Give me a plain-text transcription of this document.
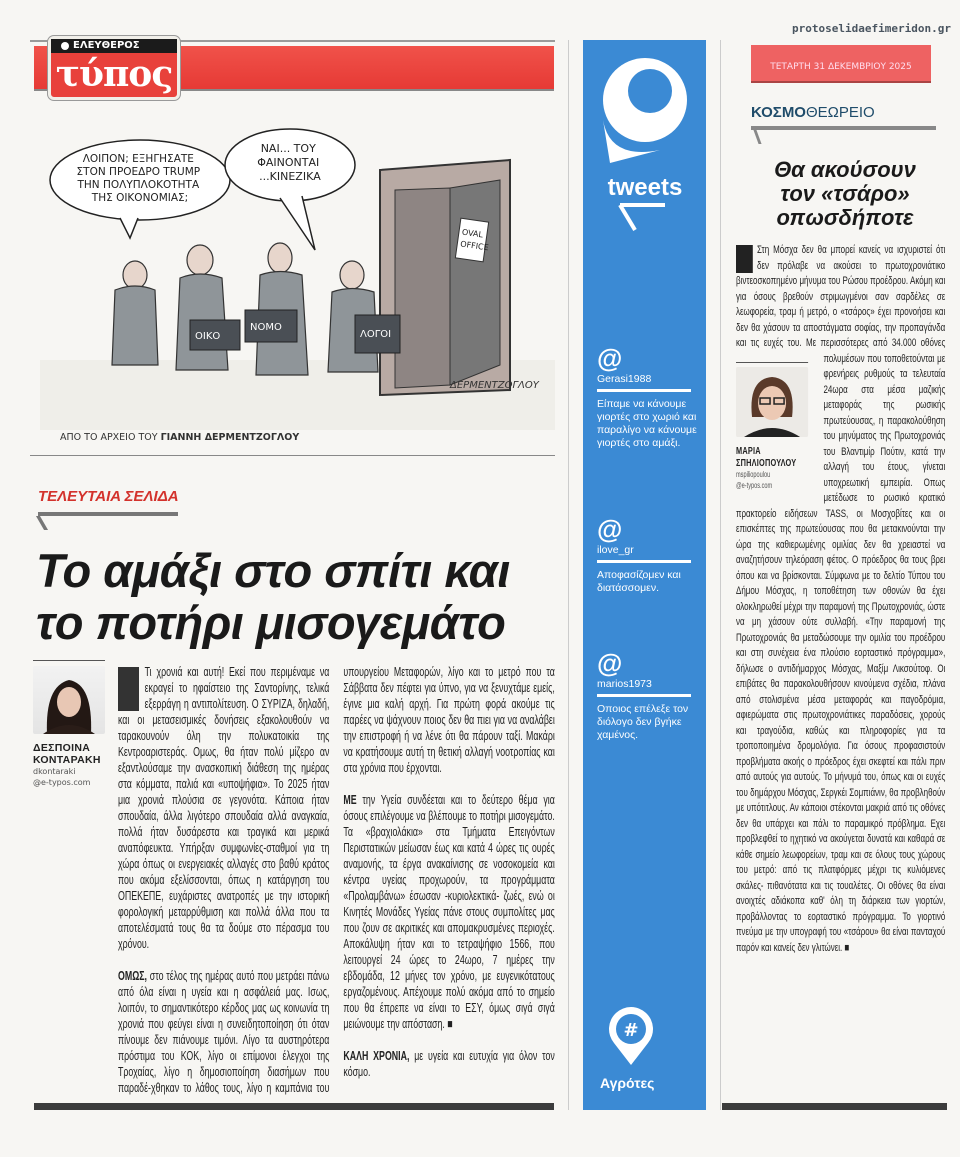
ΕΛΕΥΘΕΡΟΣ
τύπος
ΛΟΙΠΟΝ; ΕΞΗΓΗΣΑΤΕ ΣΤΟΝ ΠΡΟΕΔΡΟ TRUMP ΤΗΝ ΠΟΛΥΠΛΟΚΟΤΗΤΑ ΤΗΣ ΟΙΚΟΝΟΜΙΑΣ;
ΝΑΙ... ΤΟΥ ΦΑΙΝΟΝΤΑΙ ...ΚΙΝΕΖΙΚΑ
OVAL OFFICE
ΟΙΚΟ
ΝΟΜΟ
ΛΟΓΟΙ
ΔΕΡΜΕΝΤΖΟΓΛΟΥ
ΑΠΟ ΤΟ ΑΡΧΕΙΟ ΤΟΥ ΓΙΑΝΝΗ ΔΕΡΜΕΝΤΖΟΓΛΟΥ
ΤΕΛΕΥΤΑΙΑ ΣΕΛΙΔΑ
Το αμάξι στο σπίτι και
το ποτήρι μισογεμάτο
ΔΕΣΠΟΙΝΑ
ΚΟΝΤΑΡΑΚΗ
dkontaraki
@e-typos.com

Τι χρονιά και αυτή! Εκεί που περιμέναμε να εκραγεί το ηφαίστειο της Σαντορίνης, τελικά εξερράγη η αντιπολίτευση. Ο ΣΥΡΙΖΑ, δηλαδή, και οι μετασεισμικές δονήσεις εξακολουθούν να ταρακουνούν όλη την πολυκατοικία της Κεντροαριστεράς. Ομως, θα ήταν πολύ μίζερο αν εξαντλούσαμε την ανασκοπική διάθεση της ημέρας στα κόμματα, παλιά και «υποψήφια». Το 2025 ήταν μια χρονιά πλούσια σε γεγονότα. Κάποια ήταν σπουδαία, άλλα λιγότερο σπουδαία αλλά αναγκαία, πολλά ήταν δυσάρεστα και τραγικά και μερικά αναπόφευκτα. Υπήρξαν συμφωνίες-σταθμοί για τη χώρα όπως οι ενεργειακές αλλαγές στο βαθύ κράτος που ακόμα εξελίσσονται, όπως η κατάργηση του ΟΠΕΚΕΠΕ, ευχάριστες ανατροπές με την ιστορική φορολογική μεταρρύθμιση και πολλά άλλα που τα αποτελέσματά τους θα τα δούμε στο πέρασμα του χρόνου.

ΟΜΩΣ, στο τέλος της ημέρας αυτό που μετράει πάνω από όλα είναι η υγεία και η ασφάλειά μας. Ισως, λοιπόν, το σημαντικότερο κέρδος μας ως κοινωνία τη χρονιά που φεύγει είναι η συνειδητοποίηση ότι όταν πίνουμε δεν πιάνουμε τιμόνι. Λίγο τα αυστηρότερα πρόστιμα του ΚΟΚ, λίγο οι επίμονοι έλεγχοι της Τροχαίας, λίγο η δημοσιοποίηση διασήμων που παραδέ-χθηκαν το λάθος τους, λίγο η καμπάνια του υπουργείου Μεταφορών, λίγο και το μετρό που τα Σάββατα δεν πέφτει για ύπνο, για να ξενυχτάμε εμείς, έγινε μια καλή αρχή. Για πρώτη φορά ακούμε τις παρέες να ψάχνουν ποιος δεν θα πιει για να αναλάβει την επιστροφή ή να λένε ότι θα πάρουν ταξί. Μακάρι να κρατήσουμε αυτή τη θετική αλλαγή νοοτροπίας και στα χρόνια που έρχονται.

ΜΕ την Υγεία συνδέεται και το δεύτερο θέμα για όσους επιλέγουμε να βλέπουμε το ποτήρι μισογεμάτο. Τα «βραχιολάκια» στα Τμήματα Επειγόντων Περιστατικών μείωσαν έως και κατά 4 ώρες τις ουρές αναμονής, τα έργα ανακαίνισης σε νοσοκομεία και κέντρα υγείας προχωρούν, τα προγράμματα «Προλαμβάνω» έσωσαν -κυριολεκτικά- ζωές, ενώ οι Κινητές Μονάδες Υγείας πάνε στους συμπολίτες μας που ζουν σε ακριτικές και απομακρυσμένες περιοχές. Αποκάλυψη ήταν και το τετραψήφιο 1566, που λειτουργεί 24 ώρες το 24ωρο, 7 ημέρες την εβδομάδα, 12 μήνες τον χρόνο, με ευγενικότατους εργαζομένους. Απέχουμε πολύ ακόμα από το σημείο που θα έπρεπε να είναι το ΕΣΥ, όμως σιγά σιγά μειώνουμε την απόσταση. ■

ΚΑΛΗ ΧΡΟΝΙΑ, με υγεία και ευτυχία για όλον τον κόσμο.

tweets
@
Gerasi1988
Είπαμε να κάνουμε γιορτές στο χωριό και παραλίγο να κάνουμε γιορτές στο αμάξι.
@
ilove_gr
Αποφασίζομεν και διατάσσομεν.
@
marios1973
Οποιος επέλεξε τον διόλογο δεν βγήκε χαμένος.
#
Αγρότες
protoselidaefimeridon.gr
ΤΕΤΑΡΤΗ 31 ΔΕΚΕΜΒΡΙΟΥ 2025
ΚΟΣΜΟΘΕΩΡΕΙΟ
Θα ακούσουν
τον «τσάρο»
οπωσδήποτε
Στη Μόσχα δεν θα μπορεί κανείς να ισχυριστεί ότι δεν πρόλαβε να ακούσει το πρωτοχρονιάτικο βιντεοσκοπημένο μήνυμα του Ρώσου προέδρου. Ακόμη και για όσους βρεθούν στριμωγμένοι σαν σαρδέλες σε λεωφορεία, τραμ ή μετρό, ο «τσάρος» έχει προνοήσει και δεν θα χάσουν τα αποστάγματα σοφίας, την προπαγάνδα και τις ευχές του. Με περισσότερες από 34.000 οθόνες πολυμέσων
ΜΑΡΙΑ
ΣΠΗΛΙΟΠΟΥΛΟΥ
mspiliopoulou
@e-typos.com
που τοποθετούνται με φρενήρεις ρυθμούς τα τελευταία 24ωρα στα μέσα μαζικής μεταφοράς της ρωσικής πρωτεύουσας, η παρακολούθηση του μηνύματος της Πρωτοχρονιάς του Βλαντιμίρ Πούτιν, κατά την αλλαγή του έτους, γίνεται υποχρεωτική εμπειρία. Οπως μετέδωσε το ρωσικό κρατικό πρακτορείο ειδήσεων TASS, οι Μοσχοβίτες και οι επισκέπτες της πρωτεύουσας που θα μετακινούνται την ώρα της καθιερωμένης ομιλίας δεν θα χρειαστεί να αναζητήσουν τηλεόραση φέτος. Ο πρόεδρος θα τους βρει όπου και να βρίσκονται. Σύμφωνα με το δελτίο Τύπου του Δήμου Μόσχας, η τοποθέτηση των οθονών θα έχει ολοκληρωθεί μέχρι την παραμονή της Πρωτοχρονιάς, ώστε να μη χάσουν ούτε συλλαβή. «Την παραμονή της Πρωτοχρονιάς θα μεταδώσουμε την ομιλία του προέδρου και στη συνέχεια ένα πλούσιο εορταστικό πρόγραμμα», δήλωσε ο αντιδήμαρχος Μόσχας, Μαξίμ Λικσούτοφ. Οι επιβάτες θα παρακολουθήσουν κινούμενα σχέδια, πλάνα από στολισμένα μέσα μεταφοράς και παγοδρόμια, αφιερώματα στις πρωτοχρονιάτικες παραδόσεις, χορούς και τραγούδια, καθώς και πληροφορίες για τα τροποποιημένα δρομολόγια. Για όσους προφασιστούν προβλήματα ακοής ο πρόεδρος έχει σκεφτεί και πάλι πριν από αυτούς για αυτούς. Το μήνυμά του, όπως και οι ευχές του δημάρχου Μόσχας, Σεργκέι Σομπιάνιν, θα προβληθούν με υπότιτλους. Αν κάποιοι στέκονται μακριά από τις οθόνες δεν θα υπάρχει και πάλι το παραμικρό πρόβλημα. Εχει προβλεφθεί το ηχητικό να ακούγεται δυνατά και καθαρά σε κάθε σημείο λεωφορείων, τραμ και σε όλους τους χώρους του μετρό: από τις πλατφόρμες μέχρι τις κυλιόμενες σκάλες- πιθανότατα και τις τουαλέτες. Οι οθόνες θα είναι ανοιχτές αδιάκοπα καθ' όλη τη διάρκεια των γιορτών, προβάλλοντας το εορταστικό πρόγραμμα. Το γιορτινό πνεύμα με την υπογραφή του «τσάρου» θα είναι πανταχού παρόν και κανείς δεν γλιτώνει. ■
